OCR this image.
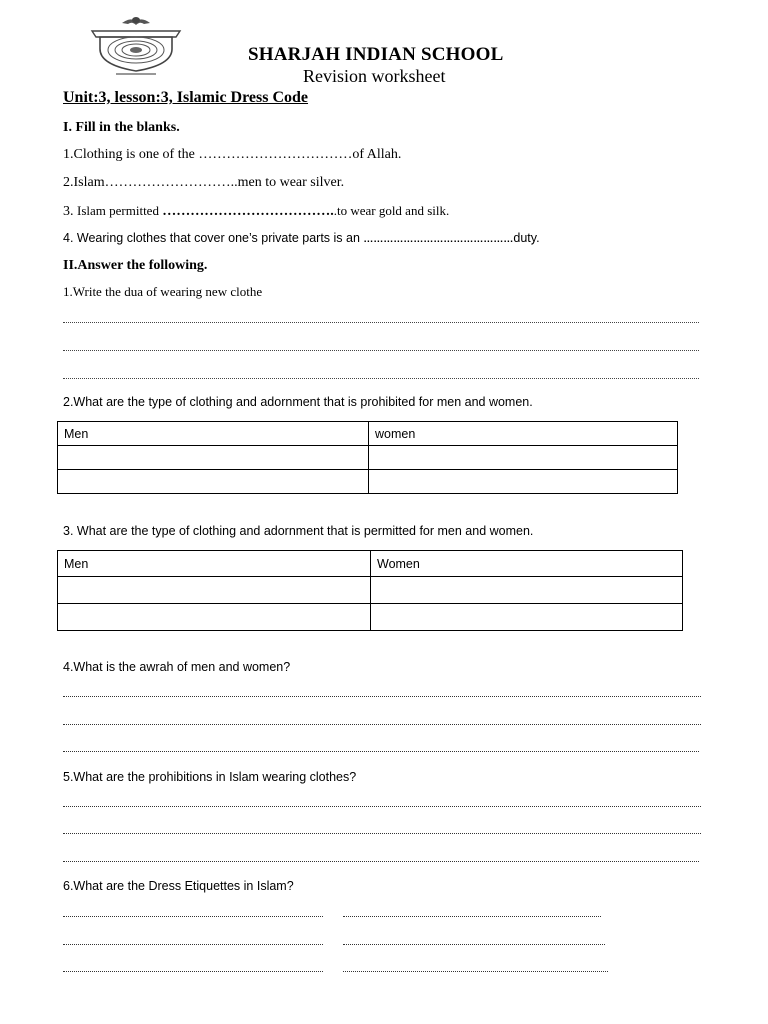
SHARJAH INDIAN SCHOOL
Revision worksheet
Unit:3, lesson:3, Islamic Dress Code
I. Fill in the blanks.
1.Clothing is one of the ……………………………of Allah.
2.Islam………………………..men to wear silver.
3. Islam permitted ………………………………..to wear gold and silk.
4. Wearing clothes that cover one’s private parts is an ………………………………………duty.
II.Answer the following.
1.Write the dua of wearing new clothe
2.What are the type of clothing and adornment that is prohibited for men and women.
Men	women

3. What are the type of clothing and adornment that is permitted for men and women.
Men	Women

4.What is the awrah of men and women?
5.What are the prohibitions in Islam wearing clothes?
6.What are the Dress Etiquettes in Islam?
